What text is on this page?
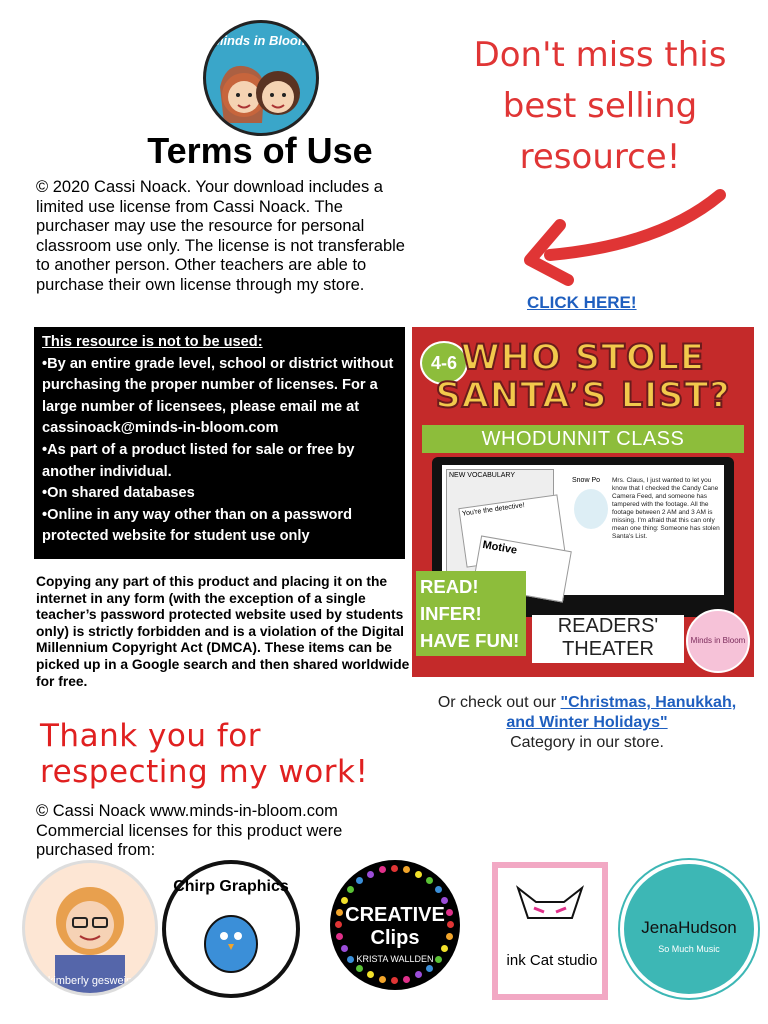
Minds in Bloom
Terms of Use
© 2020 Cassi Noack. Your download includes a limited use license from Cassi Noack. The purchaser may use the resource for personal classroom use only. The license is not transferable to another person. Other teachers are able to purchase their own license through my store.
This resource is not to be used:
•By an entire grade level, school or district without purchasing the proper number of licenses. For a large number of licensees, please email me at cassinoack@minds-in-bloom.com
•As part of a product listed for sale or free by another individual.
•On shared databases
•Online in any way other than on a password protected website for student use only
Copying any part of this product and placing it on the internet in any form (with the exception of a single teacher’s password protected website used by students only) is strictly forbidden and is a violation of the Digital Millennium Copyright Act (DMCA). These items can be picked up in a Google search and then shared worldwide for free.
Thank you for respecting my work!
© Cassi Noack www.minds-in-bloom.com
Commercial licenses for this product were purchased from:
Don't miss this best selling resource!
CLICK HERE!
4-6 WHO STOLE
SANTA’S LIST?
WHODUNNIT CLASS
NEW VOCABULARY
You're the detective!
Motive
Snow Po Mrs. Claus, I just wanted to let you know that I checked the Candy Cane Camera Feed, and someone has tampered with the footage. All the footage between 2 AM and 3 AM is missing. I'm afraid that this can only mean one thing: Someone has stolen Santa's List.
Next up: Narrator 2
READ!
INFER!
HAVE FUN!
READERS'
THEATER	Minds in Bloom
Or check out our "Christmas, Hanukkah, and Winter Holidays"
Category in our store.
kimberly geswein
Chirp Graphics
CREATIVE Clips
KRISTA WALLDEN	ink Cat studio
JenaHudson
So Much Music
